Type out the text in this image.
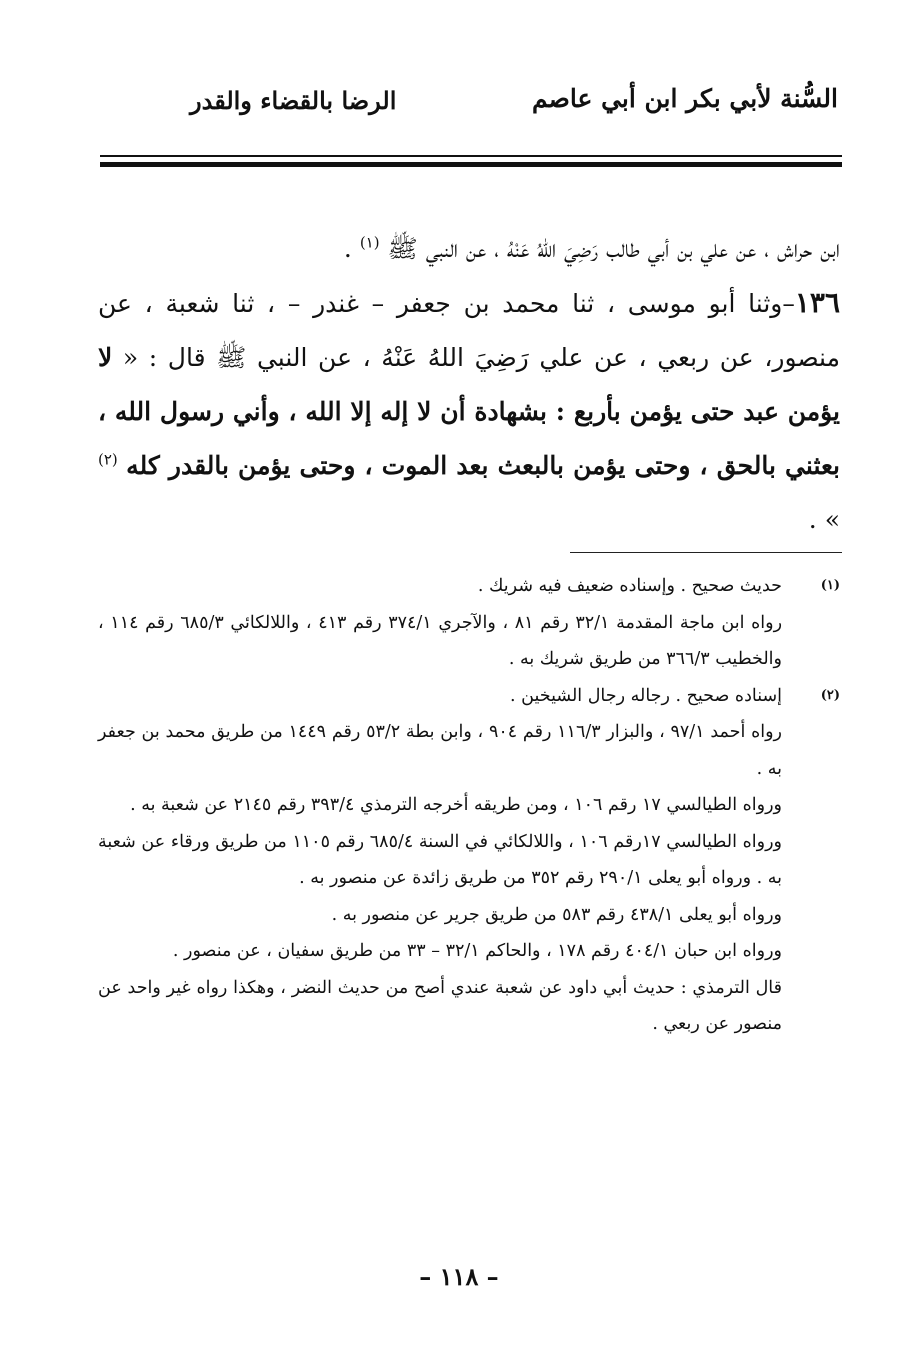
السُّنة لأبي بكر ابن أبي عاصم
الرضا بالقضاء والقدر

ابن حراش ، عن علي بن أبي طالب رَضِيَ اللهُ عَنْهُ ، عن النبي ﷺ $^{(١)}$ .

١٣٦–وثنا أبو موسى ، ثنا محمد بن جعفر – غندر – ، ثنا شعبة ، عن منصور، عن ربعي ، عن علي رَضِيَ اللهُ عَنْهُ ، عن النبي ﷺ قال : « لا يؤمن عبد حتى يؤمن بأربع : بشهادة أن لا إله إلا الله ، وأني رسول الله ، بعثني بالحق ، وحتى يؤمن بالبعث بعد الموت ، وحتى يؤمن بالقدر كله $^{(٢)}$ » .

(١)

حديث صحيح . وإسناده ضعيف فيه شريك .

رواه ابن ماجة المقدمة ٣٢/١ رقم ٨١ ، والآجري ٣٧٤/١ رقم ٤١٣ ، واللالكائي ٦٨٥/٣ رقم ١١٤ ، والخطيب ٣٦٦/٣ من طريق شريك به .

(٢)

إسناده صحيح . رجاله رجال الشيخين .

رواه أحمد ٩٧/١ ، والبزار ١١٦/٣ رقم ٩٠٤ ، وابن بطة ٥٣/٢ رقم ١٤٤٩ من طريق محمد بن جعفر به .

ورواه الطيالسي ١٧ رقم ١٠٦ ، ومن طريقه أخرجه الترمذي ٣٩٣/٤ رقم ٢١٤٥ عن شعبة به .

ورواه الطيالسي ١٧رقم ١٠٦ ، واللالكائي في السنة ٦٨٥/٤ رقم ١١٠٥ من طريق ورقاء عن شعبة به . ورواه أبو يعلى ٢٩٠/١ رقم ٣٥٢ من طريق زائدة عن منصور به .

ورواه أبو يعلى ٤٣٨/١ رقم ٥٨٣ من طريق جرير عن منصور به .

ورواه ابن حبان ٤٠٤/١ رقم ١٧٨ ، والحاكم ٣٢/١ – ٣٣ من طريق سفيان ، عن منصور .

قال الترمذي : حديث أبي داود عن شعبة عندي أصح من حديث النضر ، وهكذا رواه غير واحد عن منصور عن ربعي .

– ١١٨ –
